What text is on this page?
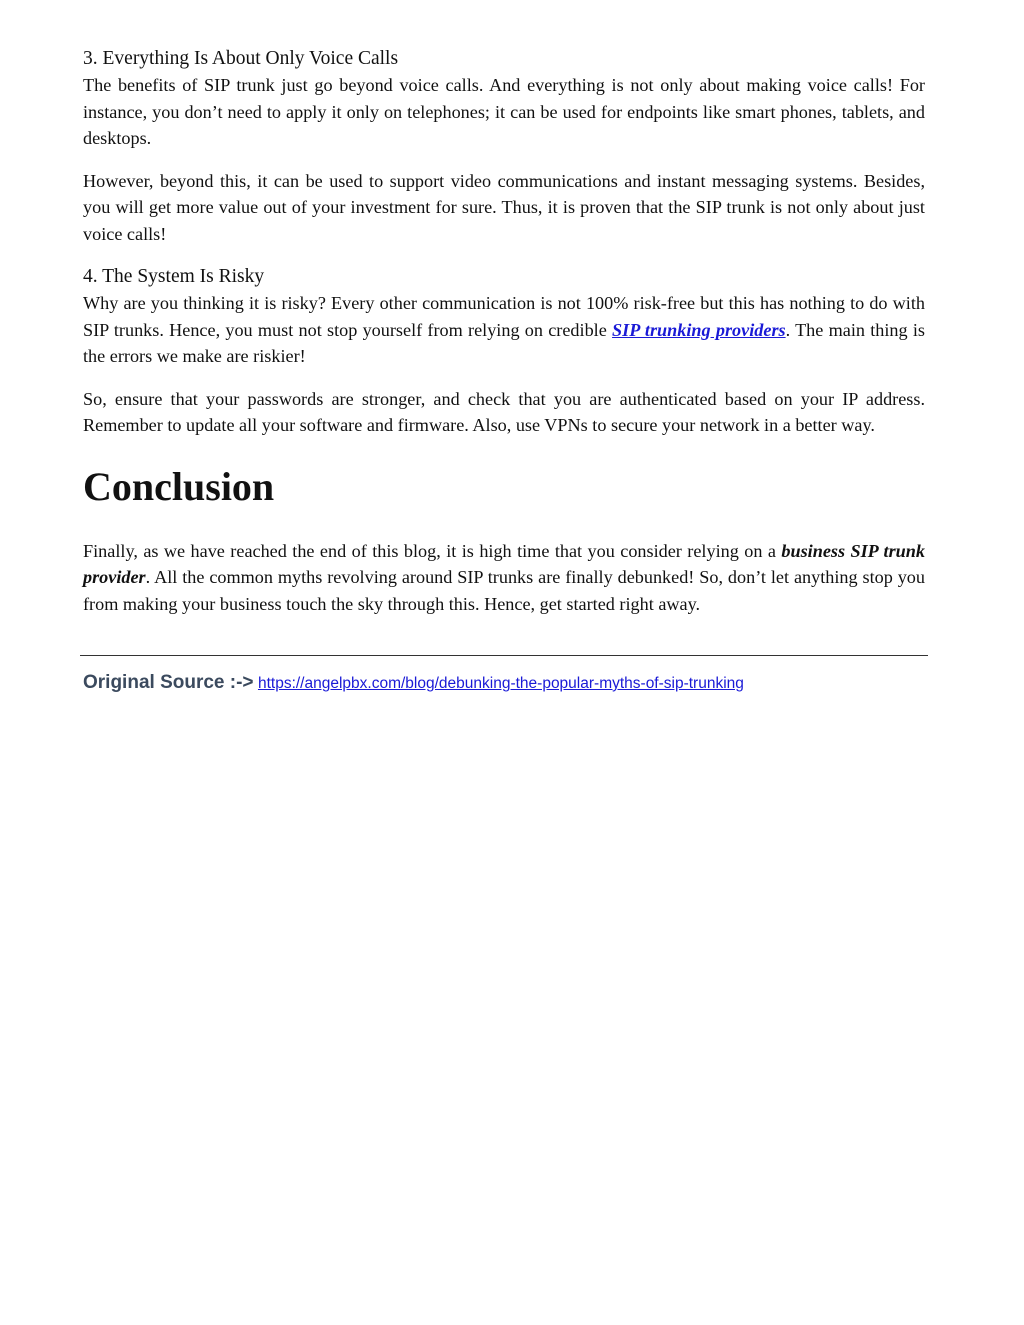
3. Everything Is About Only Voice Calls

The benefits of SIP trunk just go beyond voice calls. And everything is not only about making voice calls! For instance, you don’t need to apply it only on telephones; it can be used for endpoints like smart phones, tablets, and desktops.

However, beyond this, it can be used to support video communications and instant messaging systems. Besides, you will get more value out of your investment for sure. Thus, it is proven that the SIP trunk is not only about just voice calls!

4. The System Is Risky

Why are you thinking it is risky? Every other communication is not 100% risk-free but this has nothing to do with SIP trunks. Hence, you must not stop yourself from relying on credible SIP trunking providers. The main thing is the errors we make are riskier!

So, ensure that your passwords are stronger, and check that you are authenticated based on your IP address. Remember to update all your software and firmware. Also, use VPNs to secure your network in a better way.

Conclusion

Finally, as we have reached the end of this blog, it is high time that you consider relying on a business SIP trunk provider. All the common myths revolving around SIP trunks are finally debunked! So, don’t let anything stop you from making your business touch the sky through this. Hence, get started right away.

Original Source :-> https://angelpbx.com/blog/debunking-the-popular-myths-of-sip-trunking
